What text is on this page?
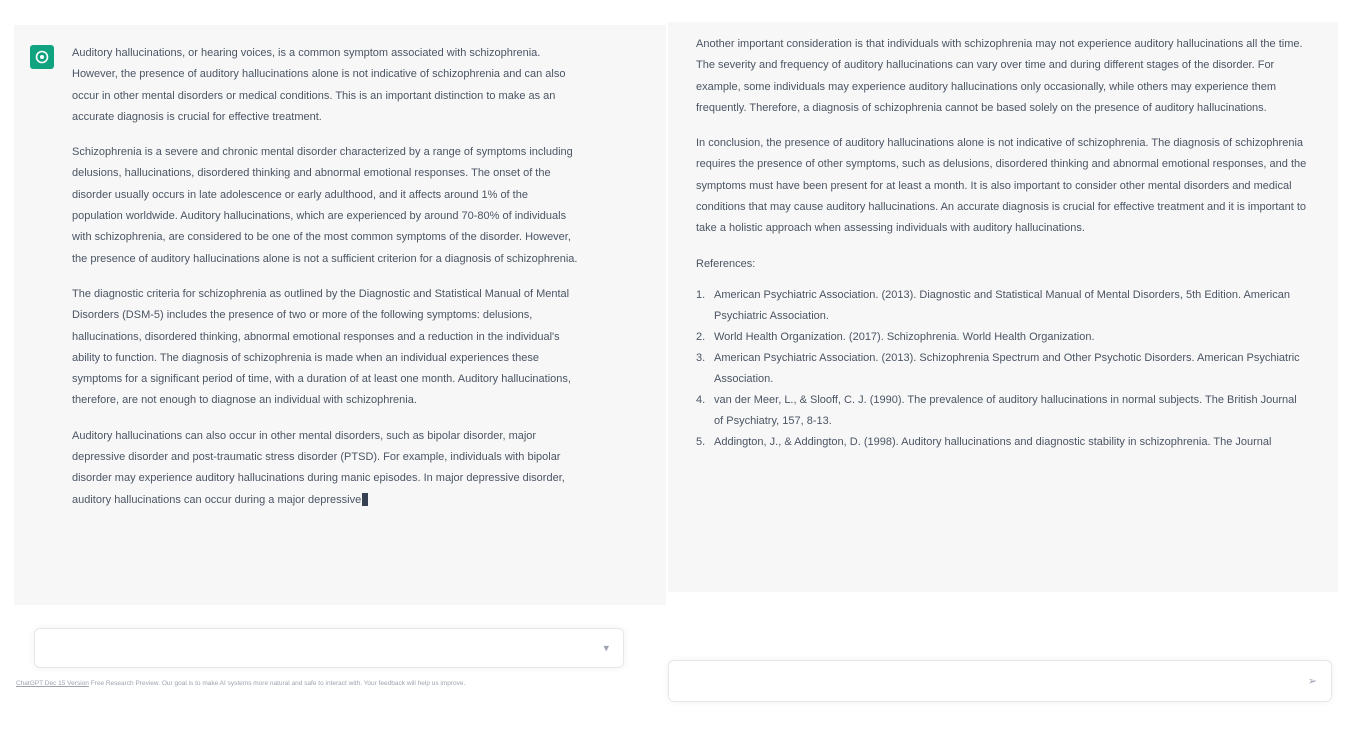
Auditory hallucinations, or hearing voices, is a common symptom associated with schizophrenia. However, the presence of auditory hallucinations alone is not indicative of schizophrenia and can also occur in other mental disorders or medical conditions. This is an important distinction to make as an accurate diagnosis is crucial for effective treatment.

Schizophrenia is a severe and chronic mental disorder characterized by a range of symptoms including delusions, hallucinations, disordered thinking and abnormal emotional responses. The onset of the disorder usually occurs in late adolescence or early adulthood, and it affects around 1% of the population worldwide. Auditory hallucinations, which are experienced by around 70-80% of individuals with schizophrenia, are considered to be one of the most common symptoms of the disorder. However, the presence of auditory hallucinations alone is not a sufficient criterion for a diagnosis of schizophrenia.

The diagnostic criteria for schizophrenia as outlined by the Diagnostic and Statistical Manual of Mental Disorders (DSM-5) includes the presence of two or more of the following symptoms: delusions, hallucinations, disordered thinking, abnormal emotional responses and a reduction in the individual's ability to function. The diagnosis of schizophrenia is made when an individual experiences these symptoms for a significant period of time, with a duration of at least one month. Auditory hallucinations, therefore, are not enough to diagnose an individual with schizophrenia.

Auditory hallucinations can also occur in other mental disorders, such as bipolar disorder, major depressive disorder and post-traumatic stress disorder (PTSD). For example, individuals with bipolar disorder may experience auditory hallucinations during manic episodes. In major depressive disorder, auditory hallucinations can occur during a major depressive

▾
ChatGPT Dec 15 Version Free Research Preview. Our goal is to make AI systems more natural and safe to interact with. Your feedback will help us improve.

Another important consideration is that individuals with schizophrenia may not experience auditory hallucinations all the time. The severity and frequency of auditory hallucinations can vary over time and during different stages of the disorder. For example, some individuals may experience auditory hallucinations only occasionally, while others may experience them frequently. Therefore, a diagnosis of schizophrenia cannot be based solely on the presence of auditory hallucinations.

In conclusion, the presence of auditory hallucinations alone is not indicative of schizophrenia. The diagnosis of schizophrenia requires the presence of other symptoms, such as delusions, disordered thinking and abnormal emotional responses, and the symptoms must have been present for at least a month. It is also important to consider other mental disorders and medical conditions that may cause auditory hallucinations. An accurate diagnosis is crucial for effective treatment and it is important to take a holistic approach when assessing individuals with auditory hallucinations.

References:

1. American Psychiatric Association. (2013). Diagnostic and Statistical Manual of Mental Disorders, 5th Edition. American Psychiatric Association.
2. World Health Organization. (2017). Schizophrenia. World Health Organization.
3. American Psychiatric Association. (2013). Schizophrenia Spectrum and Other Psychotic Disorders. American Psychiatric Association.
4. van der Meer, L., & Slooff, C. J. (1990). The prevalence of auditory hallucinations in normal subjects. The British Journal of Psychiatry, 157, 8-13.
5. Addington, J., & Addington, D. (1998). Auditory hallucinations and diagnostic stability in schizophrenia. The Journal
➢
